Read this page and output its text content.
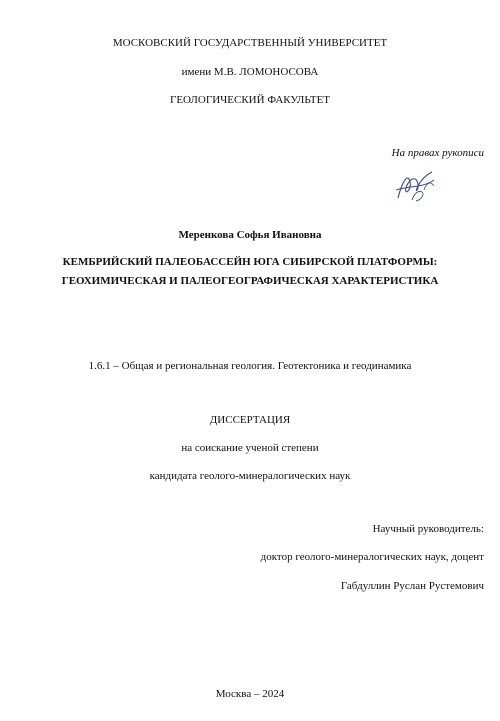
МОСКОВСКИЙ ГОСУДАРСТВЕННЫЙ УНИВЕРСИТЕТ
имени М.В. ЛОМОНОСОВА
ГЕОЛОГИЧЕСКИЙ ФАКУЛЬТЕТ
На правах рукописи
Меренкова Софья Ивановна
КЕМБРИЙСКИЙ ПАЛЕОБАССЕЙН ЮГА СИБИРСКОЙ ПЛАТФОРМЫ:
ГЕОХИМИЧЕСКАЯ И ПАЛЕОГЕОГРАФИЧЕСКАЯ ХАРАКТЕРИСТИКА
1.6.1 – Общая и региональная геология. Геотектоника и геодинамика
ДИССЕРТАЦИЯ
на соискание ученой степени
кандидата геолого-минералогических наук
Научный руководитель:
доктор геолого-минералогических наук, доцент
Габдуллин Руслан Рустемович
Москва – 2024
